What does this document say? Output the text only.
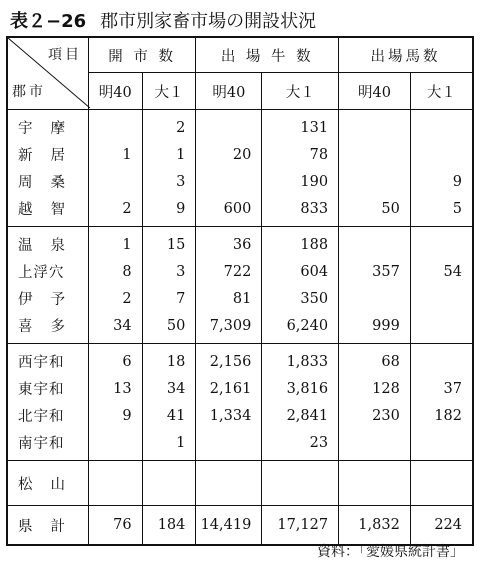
表２−26 郡市別家畜市場の開設状況
項目
郡市	開 市 数		出 場 牛 数		出場馬数	
	明40	大１	明40	大１	明40	大１
宇摩		2		131		
新居	1	1	20	78		
周桑		3		190		9
越智	2	9	600	833	50	5
温泉	1	15	36	188		
上浮穴	8	3	722	604	357	54
伊予	2	7	81	350		
喜多	34	50	7,309	6,240	999	
西宇和	6	18	2,156	1,833	68	
東宇和	13	34	2,161	3,816	128	37
北宇和	9	41	1,334	2,841	230	182
南宇和		1		23		
松山						
県計	76	184	14,419	17,127	1,832	224
資料：「愛媛県統計書」
